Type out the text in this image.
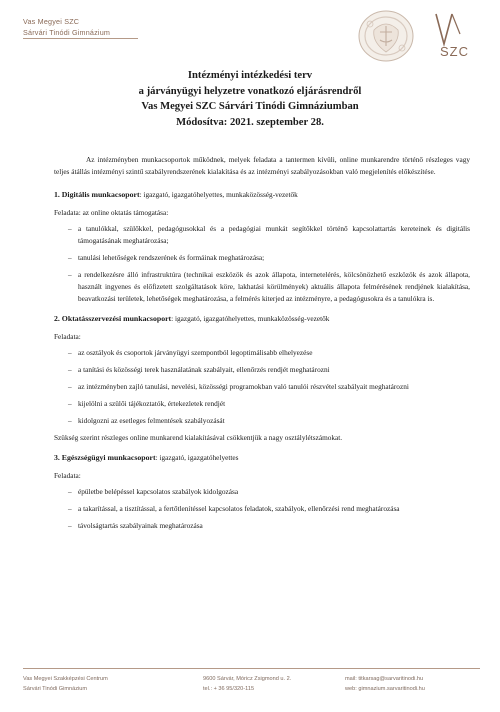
Vas Megyei SZC
Sárvári Tinódi Gimnázium
SZC
Intézményi intézkedési terv
a járványügyi helyzetre vonatkozó eljárásrendről
Vas Megyei SZC Sárvári Tinódi Gimnáziumban
Módosítva: 2021. szeptember 28.

Az intézményben munkacsoportok működnek, melyek feladata a tantermen kívüli, online munkarendre történő részleges vagy teljes átállás intézményi szintű szabályrendszerének kialakítása és az intézményi szabályozásokban való megjelenítés előkészítése.

1. Digitális munkacsoport: igazgató, igazgatóhelyettes, munkaközösség-vezetők

Feladata: az online oktatás támogatása:

– a tanulókkal, szülőkkel, pedagógusokkal és a pedagógiai munkát segítőkkel történő kapcsolattartás kereteinek és digitális támogatásának meghatározása;
– tanulási lehetőségek rendszerének és formáinak meghatározása;
– a rendelkezésre álló infrastruktúra (technikai eszközök és azok állapota, internetelérés, kölcsönözhető eszközök és azok állapota, használt ingyenes és előfizetett szolgáltatások köre, lakhatási körülmények) aktuális állapota felmérésének rendjének kialakítása, beavatkozási területek, lehetőségek meghatározása, a felmérés kiterjed az intézményre, a pedagógusokra és a tanulókra is.

2. Oktatásszervezési munkacsoport: igazgató, igazgatóhelyettes, munkaközösség-vezetők

Feladata:

– az osztályok és csoportok járványügyi szempontból legoptimálisabb elhelyezése
– a tanítási és közösségi terek használatának szabályait, ellenőrzés rendjét meghatározni
– az intézményben zajló tanulási, nevelési, közösségi programokban való tanulói részvétel szabályait meghatározni
– kijelölni a szülői tájékoztatók, értekezletek rendjét
– kidolgozni az esetleges felmentések szabályozását

Szükség szerint részleges online munkarend kialakításával csökkentjük a nagy osztálylétszámokat.

3. Egészségügyi munkacsoport: igazgató, igazgatóhelyettes

Feladata:

– épületbe belépéssel kapcsolatos szabályok kidolgozása
– a takarítással, a tisztítással, a fertőtlenítéssel kapcsolatos feladatok, szabályok, ellenőrzési rend meghatározása
– távolságtartás szabályainak meghatározása
Vas Megyei Szakképzési Centrum
Sárvári Tinódi Gimnázium
9600 Sárvár, Móricz Zsigmond u. 2.
tel.: + 36 95/320-115
mail: titkarsag@sarvaritinodi.hu
web: gimnazium.sarvaritinodi.hu
